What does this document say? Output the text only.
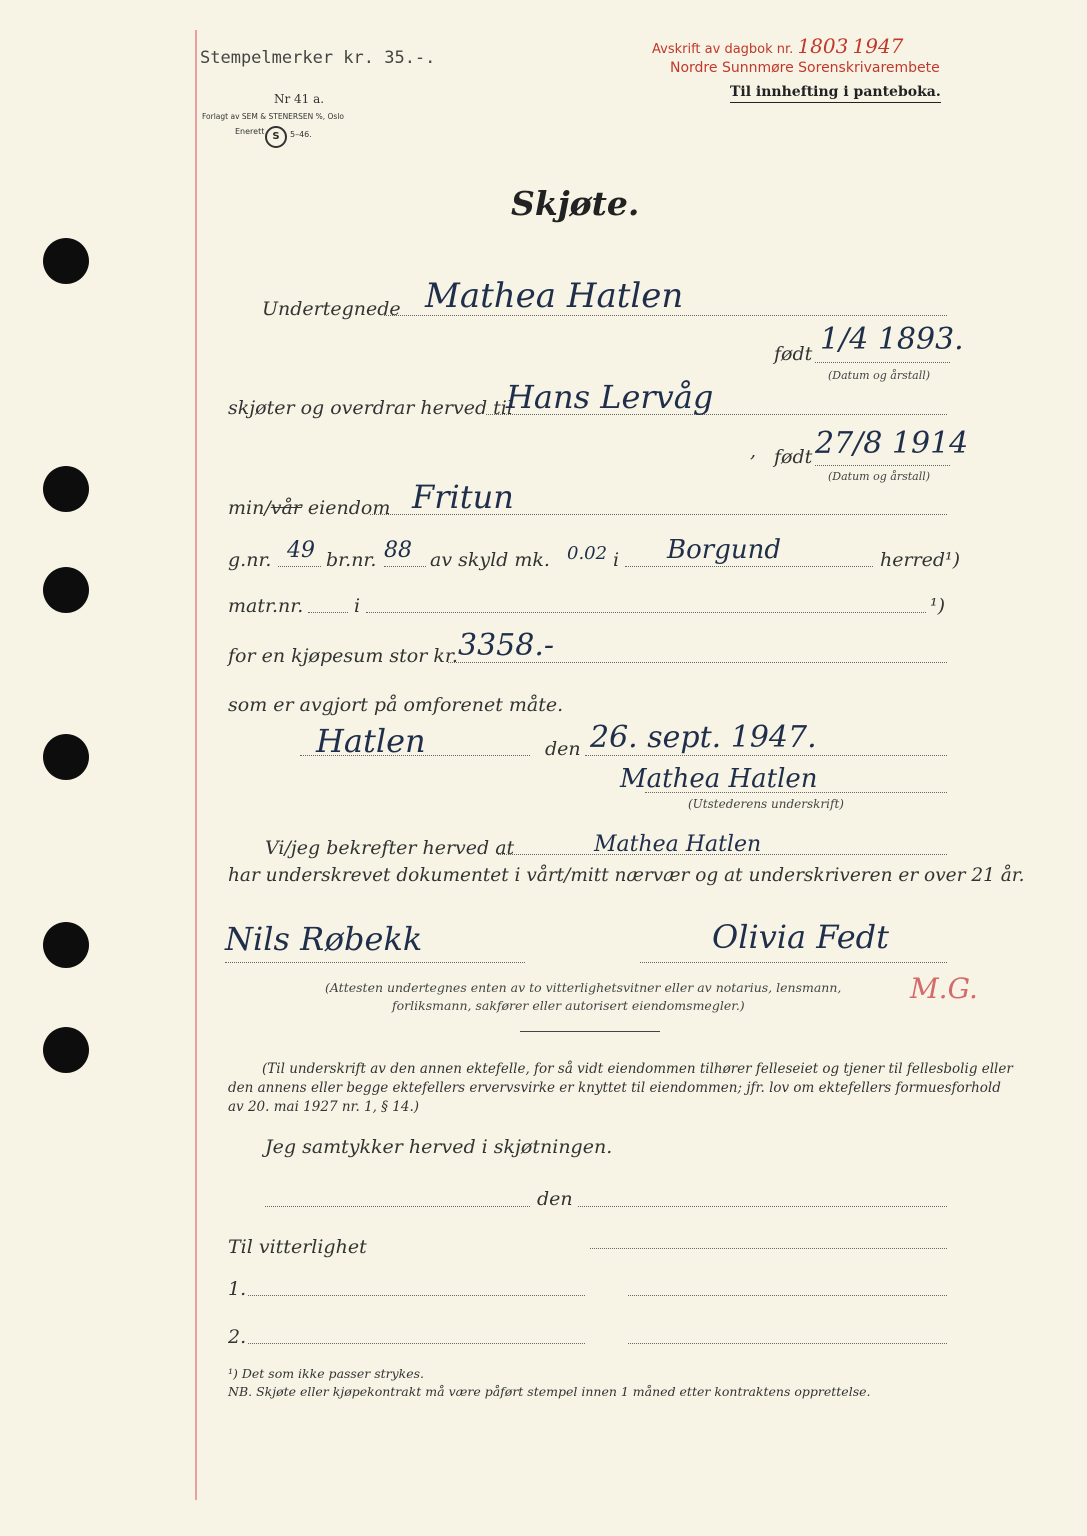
Stempelmerker kr. 35.-.
Nr 41 a.
Forlagt av SEM & STENERSEN %, Oslo
Enerett S	5–46.
Avskrift av dagbok nr. 1803 1947
Nordre Sunnmøre Sorenskrivarembete
Til innhefting i panteboka.
Skjøte.
Undertegnede Mathea Hatlen
født 1/4 1893.
(Datum og årstall)
skjøter og overdrar herved til
Hans Lervåg
, født 27/8 1914
(Datum og årstall)
min/vår eiendom Fritun
g.nr. 49 br.nr. 88 av skyld mk. 0.02 i Borgund	herred¹)
matr.nr.	i	¹)
for en kjøpesum stor kr. 3358.-
som er avgjort på omforenet måte.
Hatlen	den 26. sept. 1947.
Mathea Hatlen
(Utstederens underskrift)
Vi/jeg bekrefter herved at	Mathea Hatlen
har underskrevet dokumentet i vårt/mitt nærvær og at underskriveren er over 21 år.
Nils Røbekk	Olivia Fedt
(Attesten undertegnes enten av to vitterlighetsvitner eller av notarius, lensmann,
forliksmann, sakfører eller autorisert eiendomsmegler.)
M.G.
(Til underskrift av den annen ektefelle, for så vidt eiendommen tilhører felleseiet og tjener til fellesbolig eller
den annens eller begge ektefellers ervervsvirke er knyttet til eiendommen; jfr. lov om ektefellers formuesforhold
av 20. mai 1927 nr. 1, § 14.)
Jeg samtykker herved i skjøtningen.
den
Til vitterlighet
1.
2.
¹) Det som ikke passer strykes.
NB. Skjøte eller kjøpekontrakt må være påført stempel innen 1 måned etter kontraktens opprettelse.
